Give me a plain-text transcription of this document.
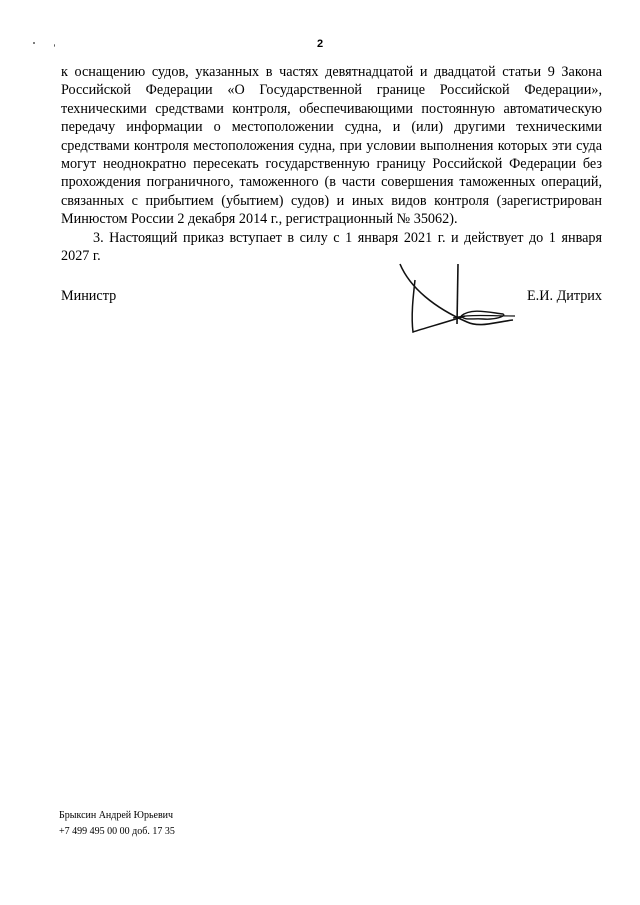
2

к оснащению судов, указанных в частях девятнадцатой и двадцатой статьи 9 Закона Российской Федерации «О Государственной границе Российской Федерации», техническими средствами контроля, обеспечивающими постоянную автоматическую передачу информации о местоположении судна, и (или) другими техническими средствами контроля местоположения судна, при условии выполнения которых эти суда могут неоднократно пересекать государственную границу Российской Федерации без прохождения пограничного, таможенного (в части совершения таможенных операций, связанных с прибытием (убытием) судов) и иных видов контроля (зарегистрирован Минюстом России 2 декабря 2014 г., регистрационный № 35062).

3. Настоящий приказ вступает в силу с 1 января 2021 г. и действует до 1 января 2027 г.

Министр	Е.И. Дитрих
Брыксин Андрей Юрьевич
+7 499 495 00 00 доб. 17 35
